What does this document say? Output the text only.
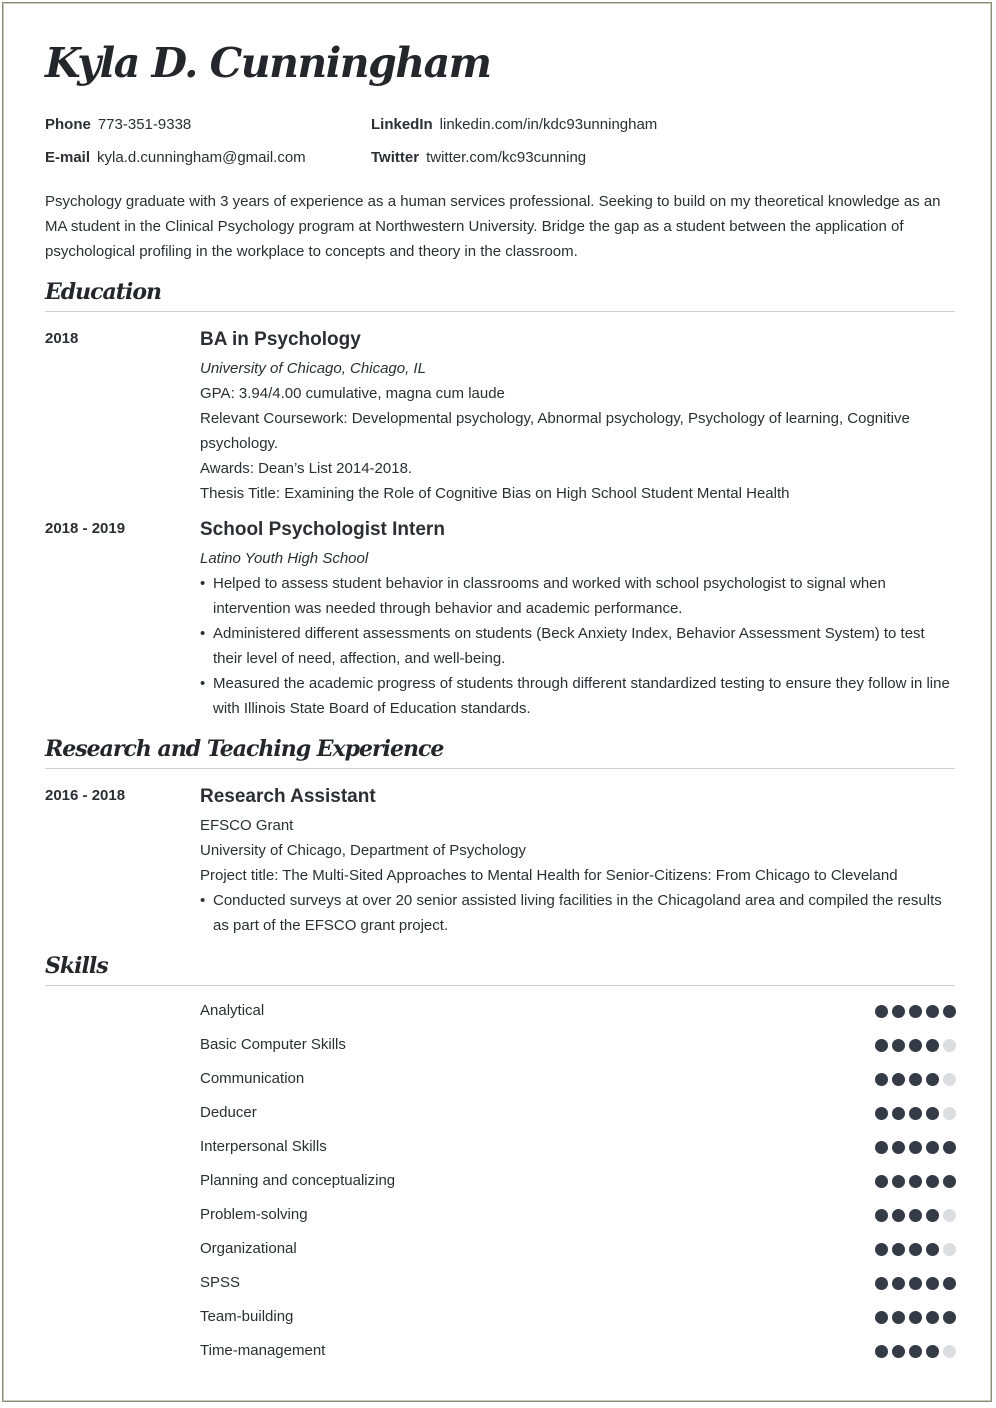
Kyla D. Cunningham
Phone 773-351-9338	LinkedIn linkedin.com/in/kdc93unningham
E-mail kyla.d.cunningham@gmail.com	Twitter twitter.com/kc93cunning

Psychology graduate with 3 years of experience as a human services professional. Seeking to build on my theoretical knowledge as an MA student in the Clinical Psychology program at Northwestern University. Bridge the gap as a student between the application of psychological profiling in the workplace to concepts and theory in the classroom.

Education
2018	BA in Psychology
University of Chicago, Chicago, IL
GPA: 3.94/4.00 cumulative, magna cum laude
Relevant Coursework: Developmental psychology, Abnormal psychology, Psychology of learning, Cognitive psychology.
Awards: Dean’s List 2014-2018.
Thesis Title: Examining the Role of Cognitive Bias on High School Student Mental Health
2018 - 2019	School Psychologist Intern
Latino Youth High School
• Helped to assess student behavior in classrooms and worked with school psychologist to signal when intervention was needed through behavior and academic performance.
• Administered different assessments on students (Beck Anxiety Index, Behavior Assessment System) to test their level of need, affection, and well-being.
• Measured the academic progress of students through different standardized testing to ensure they follow in line with Illinois State Board of Education standards.
Research and Teaching Experience
2016 - 2018	Research Assistant
EFSCO Grant
University of Chicago, Department of Psychology
Project title: The Multi-Sited Approaches to Mental Health for Senior-Citizens: From Chicago to Cleveland
• Conducted surveys at over 20 senior assisted living facilities in the Chicagoland area and compiled the results as part of the EFSCO grant project.
Skills
Analytical
Basic Computer Skills
Communication
Deducer
Interpersonal Skills
Planning and conceptualizing
Problem-solving
Organizational
SPSS
Team-building
Time-management
